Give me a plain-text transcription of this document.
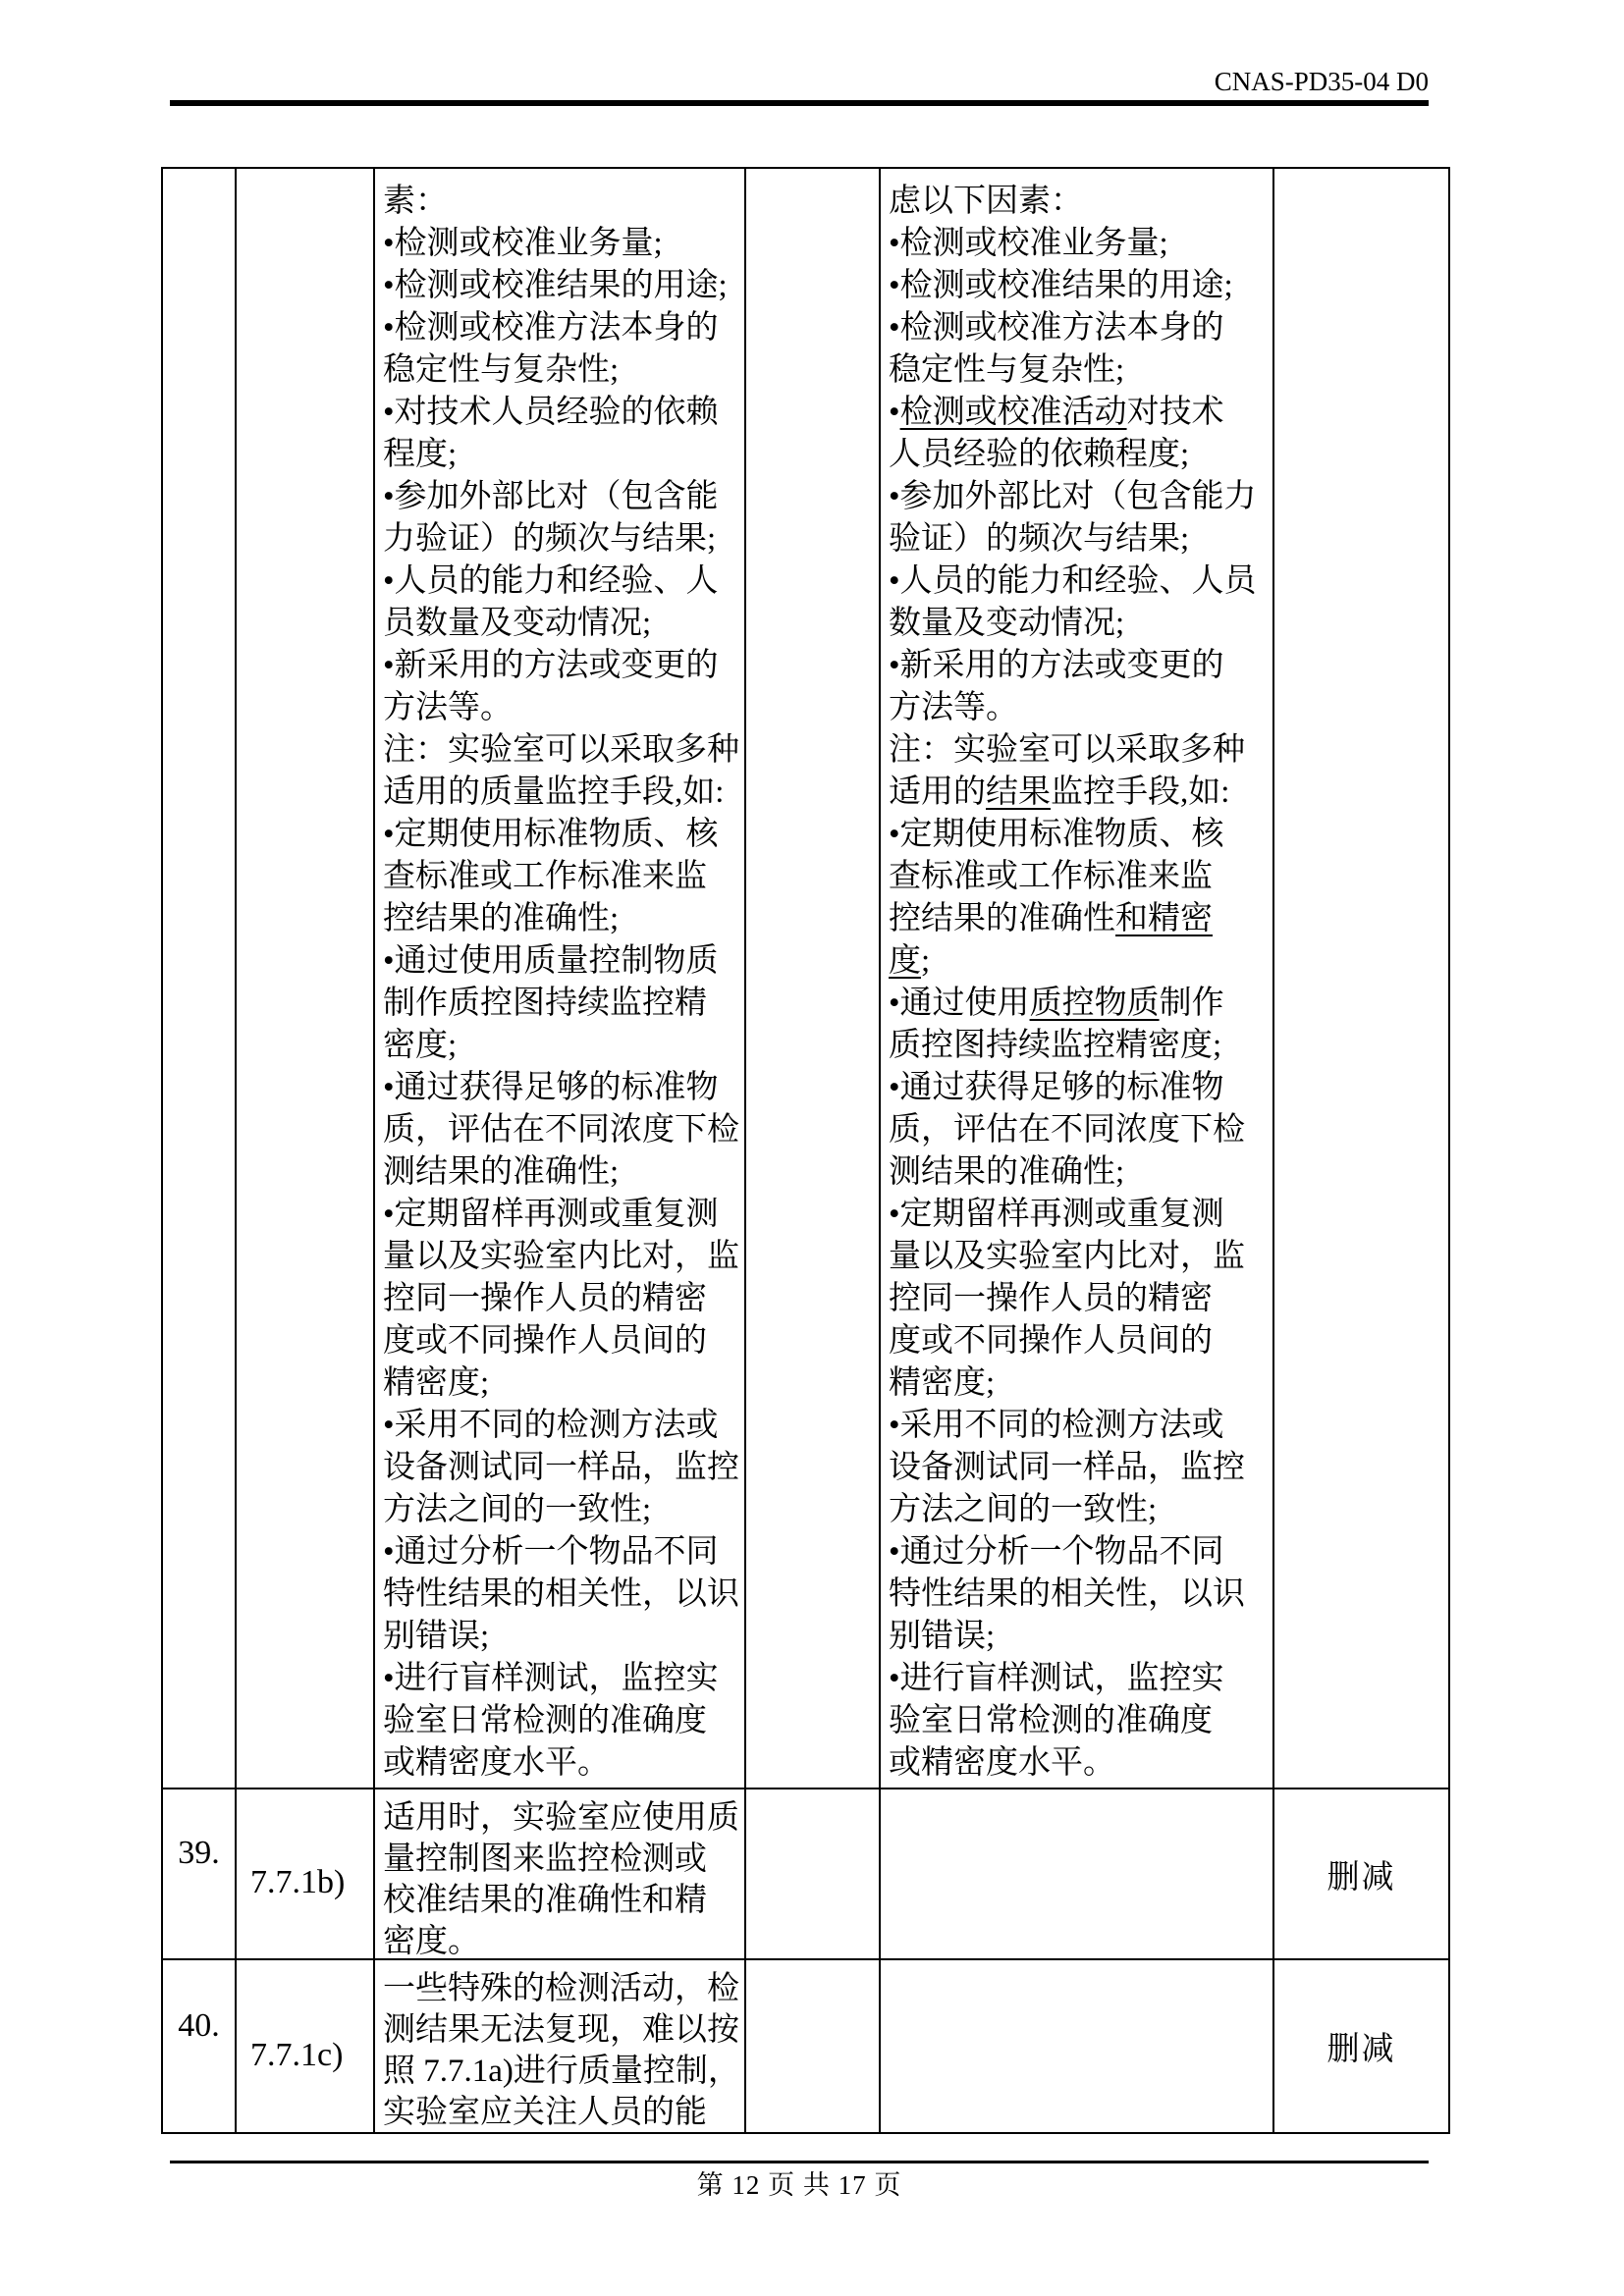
CNAS-PD35-04 D0
素：
•检测或校准业务量;
•检测或校准结果的用途;
•检测或校准方法本身的
稳定性与复杂性;
•对技术人员经验的依赖
程度;
•参加外部比对（包含能
力验证）的频次与结果;
•人员的能力和经验、人
员数量及变动情况;
•新采用的方法或变更的
方法等。
注：实验室可以采取多种
适用的质量监控手段,如:
•定期使用标准物质、核
查标准或工作标准来监
控结果的准确性;
•通过使用质量控制物质
制作质控图持续监控精
密度;
•通过获得足够的标准物
质，评估在不同浓度下检
测结果的准确性;
•定期留样再测或重复测
量以及实验室内比对，监
控同一操作人员的精密
度或不同操作人员间的
精密度;
•采用不同的检测方法或
设备测试同一样品，监控
方法之间的一致性;
•通过分析一个物品不同
特性结果的相关性，以识
别错误;
•进行盲样测试，监控实
验室日常检测的准确度
或精密度水平。
虑以下因素：
•检测或校准业务量;
•检测或校准结果的用途;
•检测或校准方法本身的
稳定性与复杂性;
•检测或校准活动对技术
人员经验的依赖程度;
•参加外部比对（包含能力
验证）的频次与结果;
•人员的能力和经验、人员
数量及变动情况;
•新采用的方法或变更的
方法等。
注：实验室可以采取多种
适用的结果监控手段,如:
•定期使用标准物质、核
查标准或工作标准来监
控结果的准确性和精密
度;
•通过使用质控物质制作
质控图持续监控精密度;
•通过获得足够的标准物
质，评估在不同浓度下检
测结果的准确性;
•定期留样再测或重复测
量以及实验室内比对，监
控同一操作人员的精密
度或不同操作人员间的
精密度;
•采用不同的检测方法或
设备测试同一样品，监控
方法之间的一致性;
•通过分析一个物品不同
特性结果的相关性，以识
别错误;
•进行盲样测试，监控实
验室日常检测的准确度
或精密度水平。
39.
7.7.1b)
适用时，实验室应使用质
量控制图来监控检测或
校准结果的准确性和精
密度。
删减
40.
7.7.1c)
一些特殊的检测活动，检
测结果无法复现，难以按
照 7.7.1a)进行质量控制，
实验室应关注人员的能
删减
第 12 页 共 17 页
